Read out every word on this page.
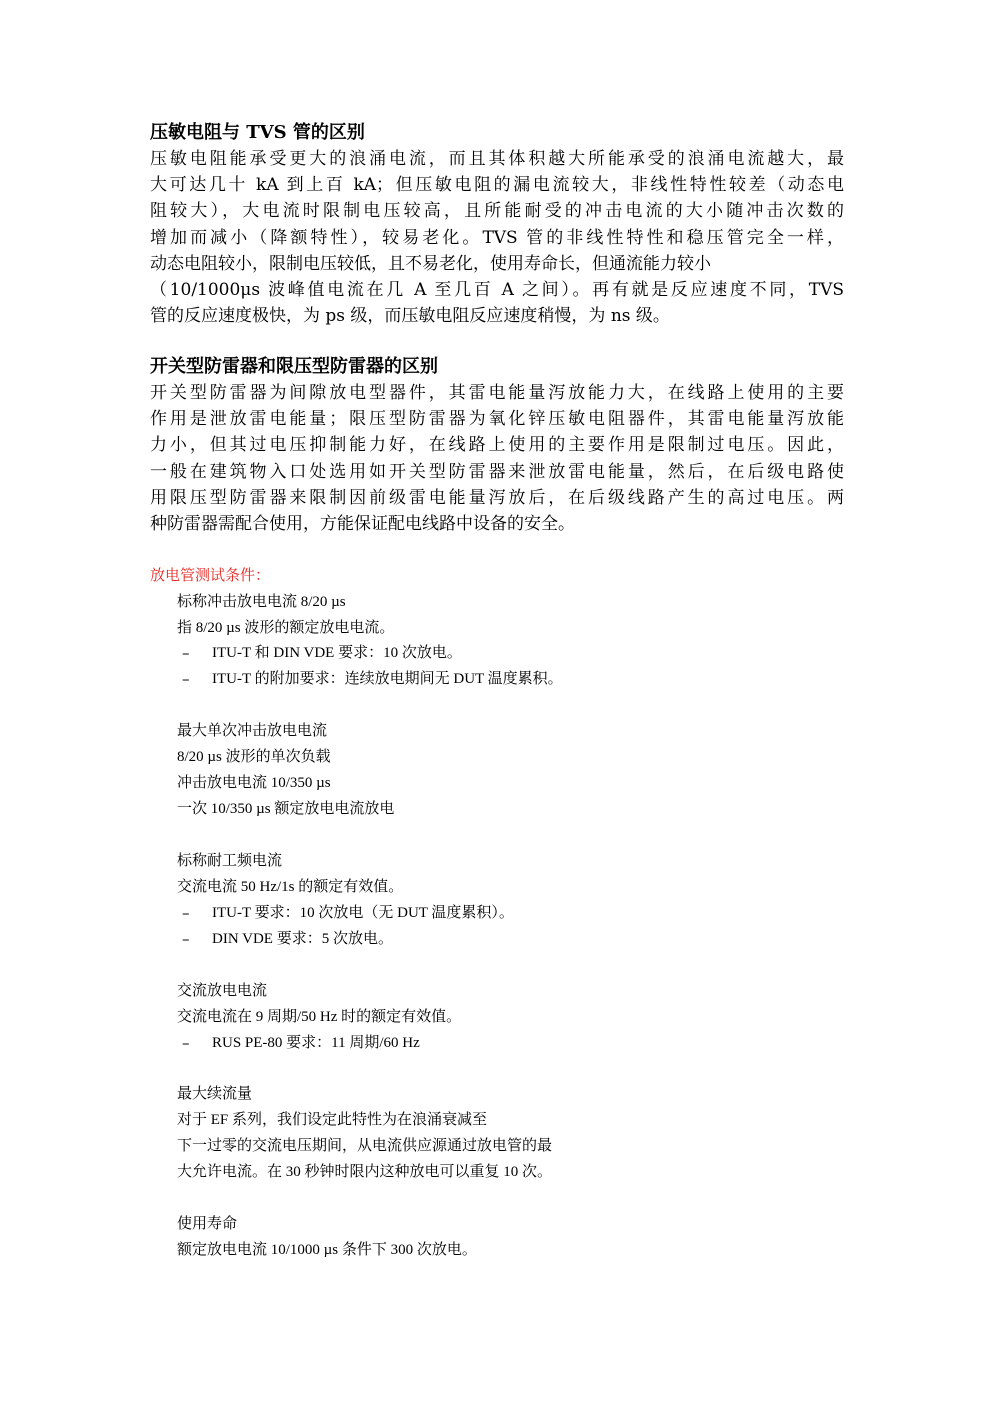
压敏电阻与 TVS 管的区别

压敏电阻能承受更大的浪涌电流，而且其体积越大所能承受的浪涌电流越大，最
大可达几十 kA 到上百 kA；但压敏电阻的漏电流较大，非线性特性较差（动态电
阻较大），大电流时限制电压较高，且所能耐受的冲击电流的大小随冲击次数的
增加而减小（降额特性），较易老化。TVS 管的非线性特性和稳压管完全一样，
动态电阻较小，限制电压较低，且不易老化，使用寿命长，但通流能力较小
（10/1000μs 波峰值电流在几 A 至几百 A 之间）。再有就是反应速度不同，TVS
管的反应速度极快，为 ps 级，而压敏电阻反应速度稍慢，为 ns 级。

开关型防雷器和限压型防雷器的区别

开关型防雷器为间隙放电型器件，其雷电能量泻放能力大，在线路上使用的主要
作用是泄放雷电能量；限压型防雷器为氧化锌压敏电阻器件，其雷电能量泻放能
力小，但其过电压抑制能力好，在线路上使用的主要作用是限制过电压。因此，
一般在建筑物入口处选用如开关型防雷器来泄放雷电能量，然后，在后级电路使
用限压型防雷器来限制因前级雷电能量泻放后，在后级线路产生的高过电压。两
种防雷器需配合使用，方能保证配电线路中设备的安全。

放电管测试条件：
标称冲击放电电流 8/20 µs
指 8/20 µs 波形的额定放电电流。
– ITU-T 和 DIN VDE 要求：10 次放电。
– ITU-T 的附加要求：连续放电期间无 DUT 温度累积。
最大单次冲击放电电流
8/20 µs 波形的单次负载
冲击放电电流 10/350 µs
一次 10/350 µs 额定放电电流放电
标称耐工频电流
交流电流 50 Hz/1s 的额定有效值。
– ITU-T 要求：10 次放电（无 DUT 温度累积）。
– DIN VDE 要求：5 次放电。
交流放电电流
交流电流在 9 周期/50 Hz 时的额定有效值。
– RUS PE-80 要求：11 周期/60 Hz
最大续流量
对于 EF 系列，我们设定此特性为在浪涌衰减至
下一过零的交流电压期间，从电流供应源通过放电管的最
大允许电流。在 30 秒钟时限内这种放电可以重复 10 次。
使用寿命
额定放电电流 10/1000 µs 条件下 300 次放电。
